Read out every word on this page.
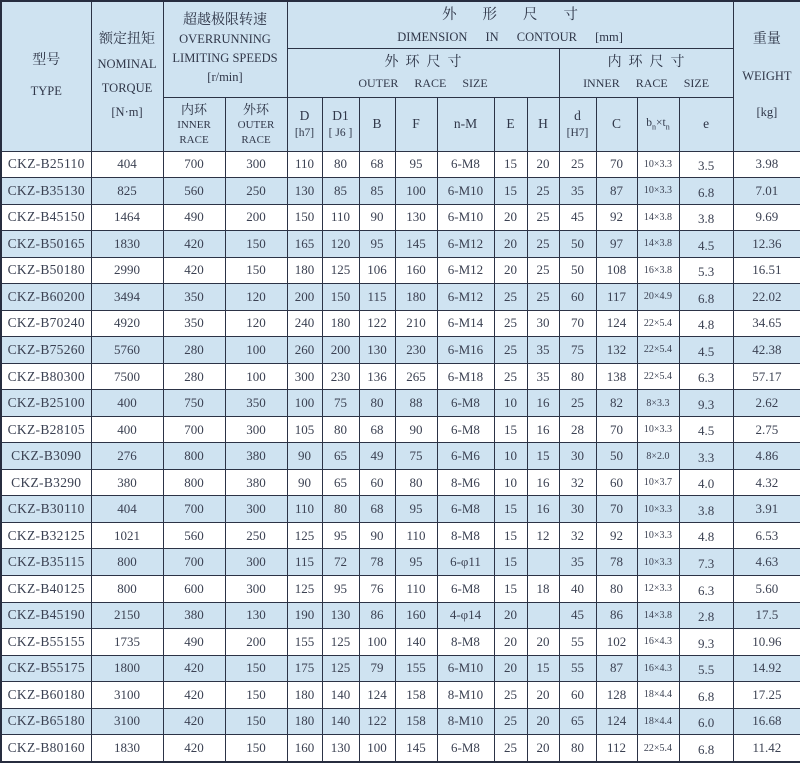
型号
TYPE

额定扭矩
NOMINAL
TORQUE
[N·m]

超越极限转速
OVERRUNNING
LIMITING SPEEDS
[r/min]

外形尺寸
DIMENSION IN CONTOUR [mm]	重量
WEIGHT
[kg]

外环尺寸
OUTER RACE SIZE

内环尺寸
INNER RACE SIZE

内环
INNER
RACE

外环
OUTER
RACE

D
[h7]

D1
[ J6 ]
	B	F	n-M	E	H	
d
[H7]
	C	$b_n\times t_n$	e
CKZ-B25110	404	700	300	110	80	68	95	6-M8	15	20	25	70	10×3.3	3.5	3.98
CKZ-B35130	825	560	250	130	85	85	100	6-M10	15	25	35	87	10×3.3	6.8	7.01
CKZ-B45150	1464	490	200	150	110	90	130	6-M10	20	25	45	92	14×3.8	3.8	9.69
CKZ-B50165	1830	420	150	165	120	95	145	6-M12	20	25	50	97	14×3.8	4.5	12.36
CKZ-B50180	2990	420	150	180	125	106	160	6-M12	20	25	50	108	16×3.8	5.3	16.51
CKZ-B60200	3494	350	120	200	150	115	180	6-M12	25	25	60	117	20×4.9	6.8	22.02
CKZ-B70240	4920	350	120	240	180	122	210	6-M14	25	30	70	124	22×5.4	4.8	34.65
CKZ-B75260	5760	280	100	260	200	130	230	6-M16	25	35	75	132	22×5.4	4.5	42.38
CKZ-B80300	7500	280	100	300	230	136	265	6-M18	25	35	80	138	22×5.4	6.3	57.17
CKZ-B25100	400	750	350	100	75	80	88	6-M8	10	16	25	82	8×3.3	9.3	2.62
CKZ-B28105	400	700	300	105	80	68	90	6-M8	15	16	28	70	10×3.3	4.5	2.75
CKZ-B3090	276	800	380	90	65	49	75	6-M6	10	15	30	50	8×2.0	3.3	4.86
CKZ-B3290	380	800	380	90	65	60	80	8-M6	10	16	32	60	10×3.7	4.0	4.32
CKZ-B30110	404	700	300	110	80	68	95	6-M8	15	16	30	70	10×3.3	3.8	3.91
CKZ-B32125	1021	560	250	125	95	90	110	8-M8	15	12	32	92	10×3.3	4.8	6.53
CKZ-B35115	800	700	300	115	72	78	95	6-φ11	15		35	78	10×3.3	7.3	4.63
CKZ-B40125	800	600	300	125	95	76	110	6-M8	15	18	40	80	12×3.3	6.3	5.60
CKZ-B45190	2150	380	130	190	130	86	160	4-φ14	20		45	86	14×3.8	2.8	17.5
CKZ-B55155	1735	490	200	155	125	100	140	8-M8	20	20	55	102	16×4.3	9.3	10.96
CKZ-B55175	1800	420	150	175	125	79	155	6-M10	20	15	55	87	16×4.3	5.5	14.92
CKZ-B60180	3100	420	150	180	140	124	158	8-M10	25	20	60	128	18×4.4	6.8	17.25
CKZ-B65180	3100	420	150	180	140	122	158	8-M10	25	20	65	124	18×4.4	6.0	16.68
CKZ-B80160	1830	420	150	160	130	100	145	6-M8	25	20	80	112	22×5.4	6.8	11.42
